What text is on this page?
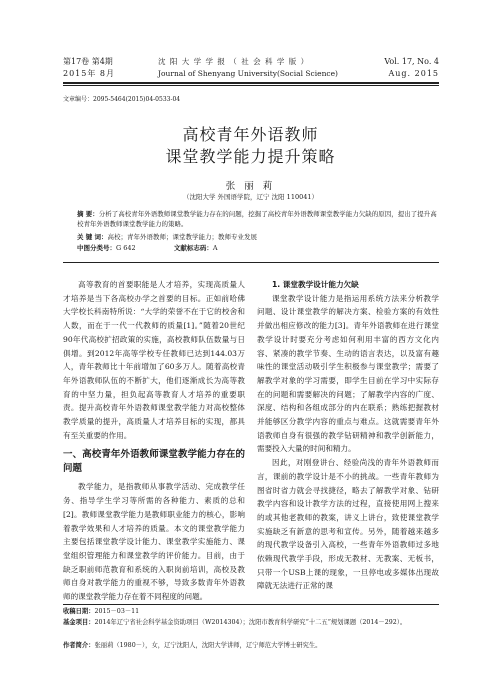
第17卷 第4期
2015年 8月
沈 阳 大 学 学 报 （ 社 会 科 学 版 ）
Journal of Shenyang University(Social Science)
Vol. 17, No. 4
Aug. 2015
文章编号：2095-5464(2015)04-0533-04
高校青年外语教师
课堂教学能力提升策略
张 丽 莉
（沈阳大学 外国语学院，辽宁 沈阳 110041）
摘 要：分析了高校青年外语教师课堂教学能力存在的问题，挖掘了高校青年外语教师课堂教学能力欠缺的原因，提出了提升高校青年外语教师课堂教学能力的策略。
关 键 词：高校；青年外语教师；课堂教学能力；教师专业发展
中图分类号：G 642	文献标志码：A

高等教育的首要职能是人才培养，实现高质量人才培养是当下各高校办学之首要的目标。正如前哈佛大学校长科南特所说：“大学的荣誉不在于它的校舍和人数，而在于一代一代教师的质量[1]。”随着20世纪90年代高校扩招政策的实施，高校教师队伍数量与日俱增。到2012年高等学校专任教师已达到144.03万人，青年教师比十年前增加了60多万人。随着高校青年外语教师队伍的不断扩大，他们逐渐成长为高等教育的中坚力量，担负起高等教育人才培养的重要职责。提升高校青年外语教师课堂教学能力对高校整体教学质量的提升，高质量人才培养目标的实现，都具有至关重要的作用。

一、高校青年外语教师课堂教学能力存在的问题

教学能力，是指教师从事教学活动、完成教学任务、指导学生学习等所需的各种能力、素质的总和[2]。教师课堂教学能力是教师职业能力的核心，影响着教学效果和人才培养的质量。本文的课堂教学能力主要包括课堂教学设计能力、课堂教学实施能力、课堂组织管理能力和课堂教学的评价能力。目前，由于缺乏职前师范教育和系统的入职岗前培训，高校及教师自身对教学能力的重视不够，导致多数青年外语教师的课堂教学能力存在着不同程度的问题。

1. 课堂教学设计能力欠缺

课堂教学设计能力是指运用系统方法来分析教学问题、设计课堂教学的解决方案、检验方案的有效性并做出相应修改的能力[3]。青年外语教师在进行课堂教学设计时要充分考虑如何利用丰富的西方文化内容、紧凑的教学节奏、生动的语言表达，以及富有趣味性的课堂活动吸引学生积极参与课堂教学；需要了解教学对象的学习需要，即学生目前在学习中实际存在的问题和需要解决的问题；了解教学内容的广度、深度、结构和各组成部分的内在联系；熟练把握教材并能够区分教学内容的重点与难点。这就需要青年外语教师自身有很强的教学钻研精神和教学创新能力，需要投入大量的时间和精力。

因此，对刚登讲台、经验尚浅的青年外语教师而言，课前的教学设计是不小的挑战。一些青年教师为图省时省力就会寻找捷径，略去了解教学对象、钻研教学内容和设计教学方法的过程，直接使用网上搜来的或其他老教师的教案，讲义上讲台，致使课堂教学实施缺乏有新意的思考和宣传。另外，随着越来越多的现代教学设备引入高校，一些青年外语教师过多地依赖现代教学手段，形成无教材、无教案、无板书，只带一个USB上课的现象，一旦停电或多媒体出现故障就无法进行正常的课

收稿日期：2015－03－11
基金项目：2014年辽宁省社会科学基金资助项目（W2014304）；沈阳市教育科学研究“十二五”规划课题（2014－292）。
作者简介：张丽莉（1980－），女，辽宁沈阳人，沈阳大学讲师，辽宁师范大学博士研究生。
